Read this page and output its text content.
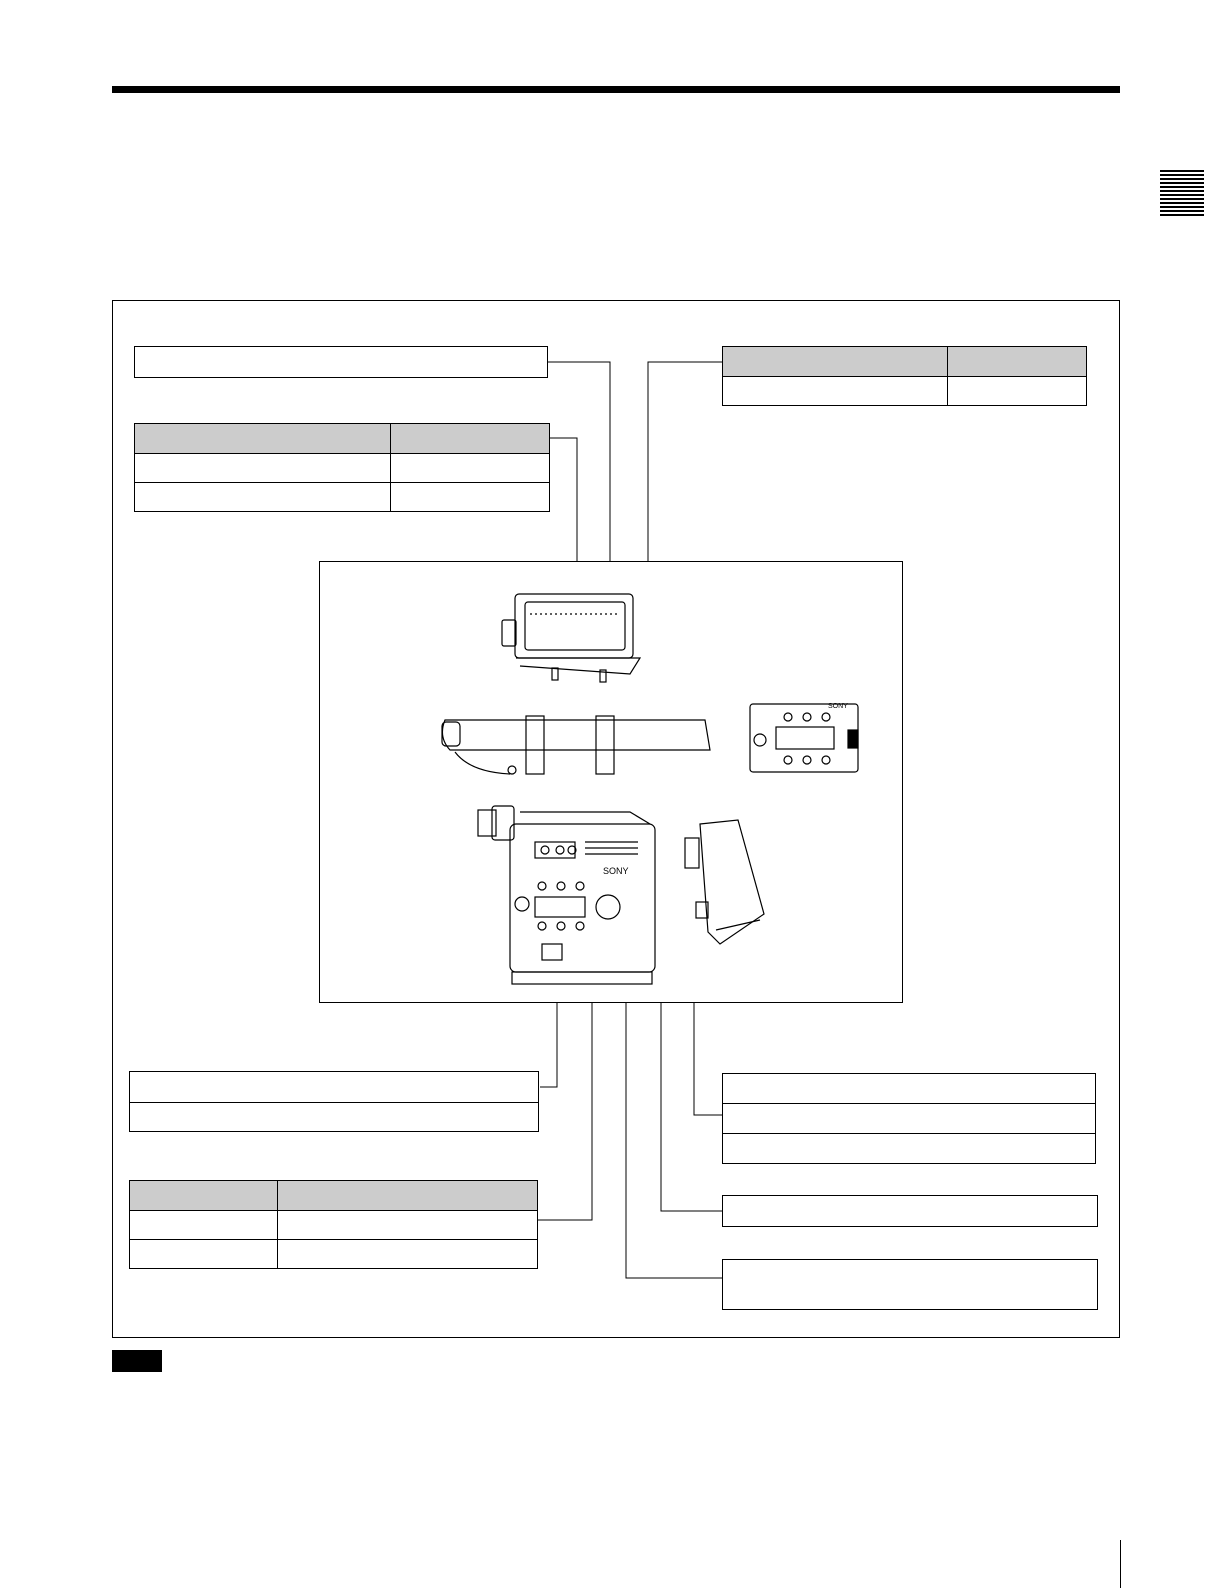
SONY
SONY
